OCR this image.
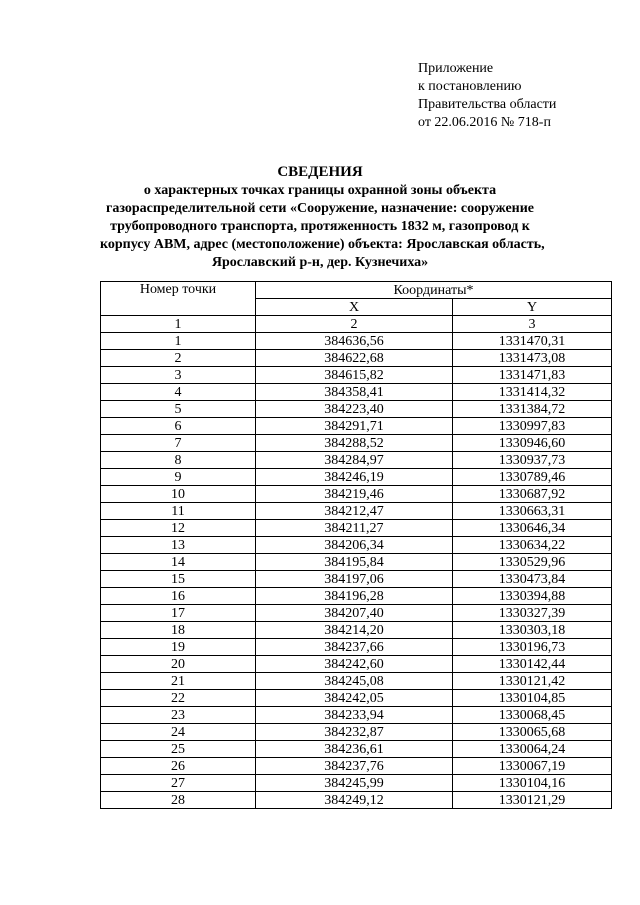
Приложение
к постановлению
Правительства области
от 22.06.2016 № 718-п
СВЕДЕНИЯ
о характерных точках границы охранной зоны объекта
газораспределительной сети «Сооружение, назначение: сооружение
трубопроводного транспорта, протяженность 1832 м, газопровод к
корпусу АВМ, адрес (местоположение) объекта: Ярославская область,
Ярославский р-н, дер. Кузнечиха»
Номер точки	Координаты*	
	X	Y
1	2	3
1	384636,56	1331470,31
2	384622,68	1331473,08
3	384615,82	1331471,83
4	384358,41	1331414,32
5	384223,40	1331384,72
6	384291,71	1330997,83
7	384288,52	1330946,60
8	384284,97	1330937,73
9	384246,19	1330789,46
10	384219,46	1330687,92
11	384212,47	1330663,31
12	384211,27	1330646,34
13	384206,34	1330634,22
14	384195,84	1330529,96
15	384197,06	1330473,84
16	384196,28	1330394,88
17	384207,40	1330327,39
18	384214,20	1330303,18
19	384237,66	1330196,73
20	384242,60	1330142,44
21	384245,08	1330121,42
22	384242,05	1330104,85
23	384233,94	1330068,45
24	384232,87	1330065,68
25	384236,61	1330064,24
26	384237,76	1330067,19
27	384245,99	1330104,16
28	384249,12	1330121,29
